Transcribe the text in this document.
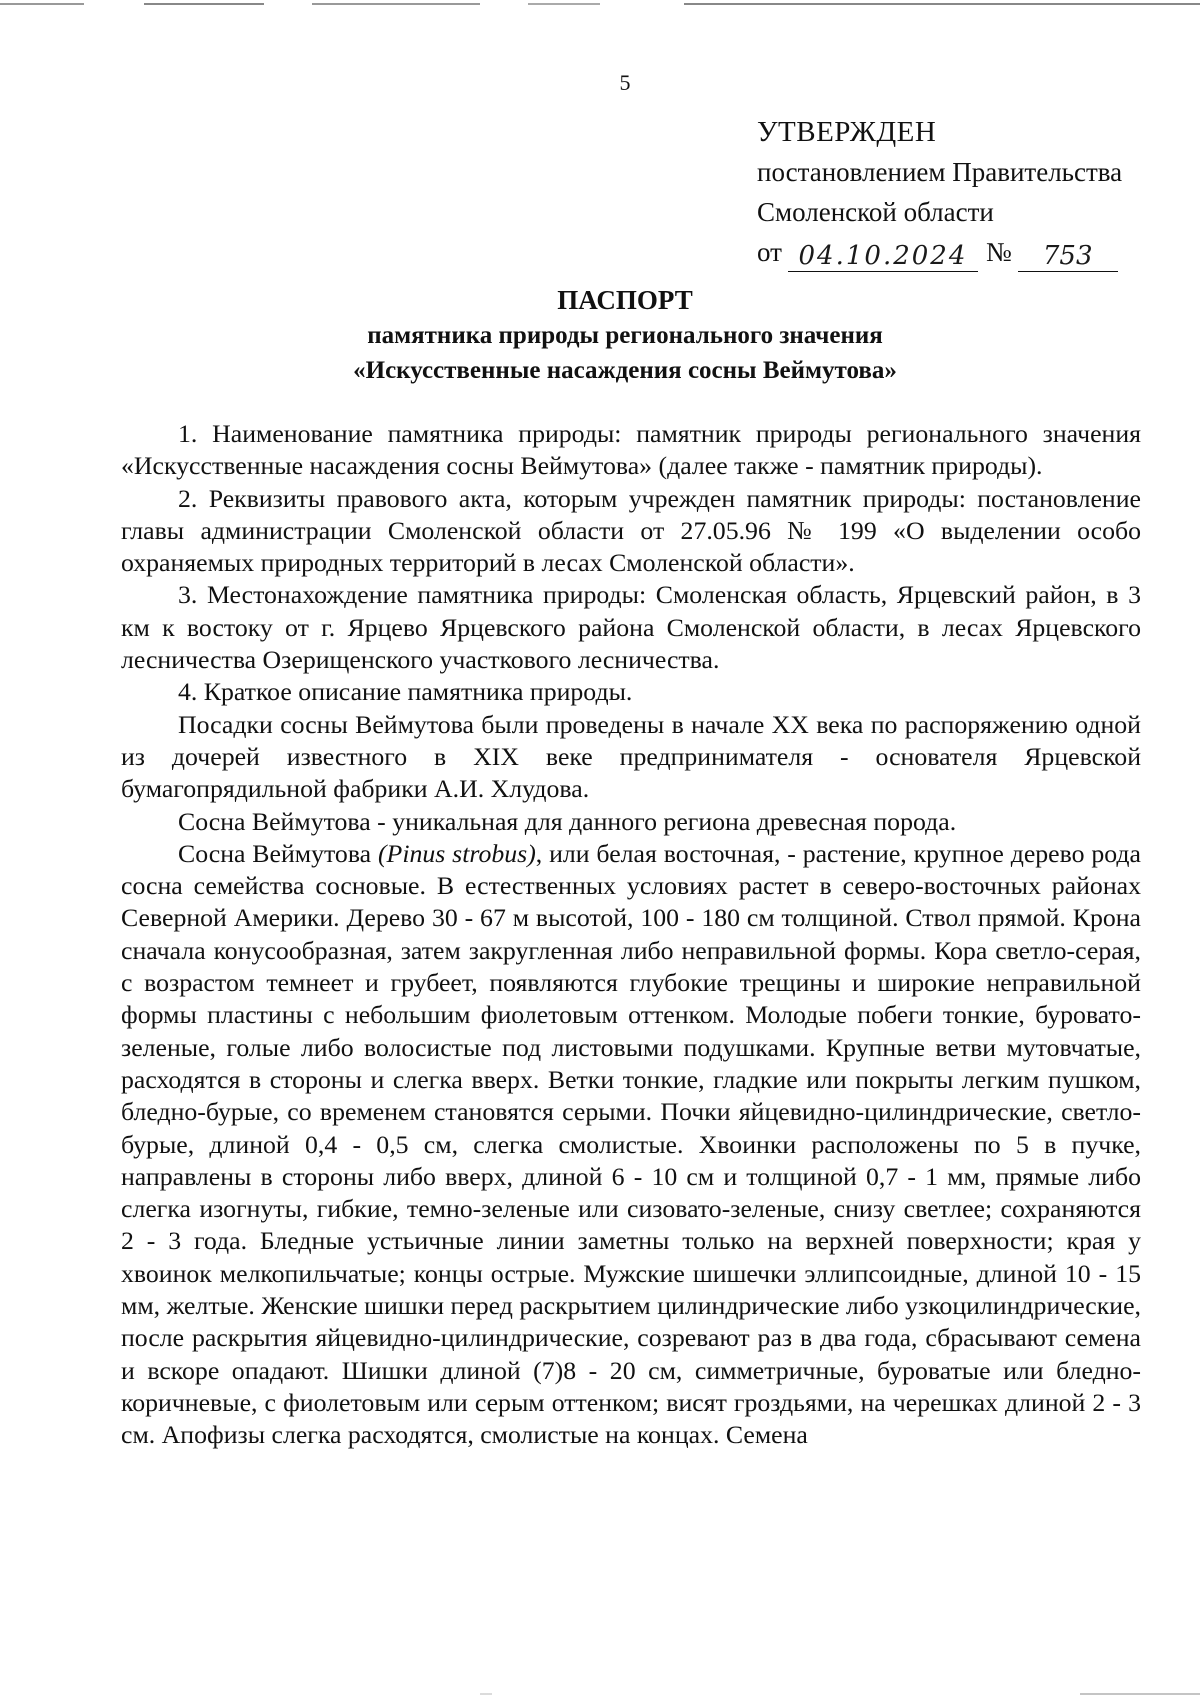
5
УТВЕРЖДЕН
постановлением Правительства
Смоленской области
от 04.10.2024 №	753
ПАСПОРТ
памятника природы регионального значения
«Искусственные насаждения сосны Веймутова»

1. Наименование памятника природы: памятник природы регионального значения «Искусственные насаждения сосны Веймутова» (далее также - памятник природы).

2. Реквизиты правового акта, которым учрежден памятник природы: постановление главы администрации Смоленской области от 27.05.96 № 199 «О выделении особо охраняемых природных территорий в лесах Смоленской области».

3. Местонахождение памятника природы: Смоленская область, Ярцевский район, в 3 км к востоку от г. Ярцево Ярцевского района Смоленской области, в лесах Ярцевского лесничества Озерищенского участкового лесничества.

4. Краткое описание памятника природы.

Посадки сосны Веймутова были проведены в начале XX века по распоряжению одной из дочерей известного в XIX веке предпринимателя - основателя Ярцевской бумагопрядильной фабрики А.И. Хлудова.

Сосна Веймутова - уникальная для данного региона древесная порода.

Сосна Веймутова (Pinus strobus), или белая восточная, - растение, крупное дерево рода сосна семейства сосновые. В естественных условиях растет в северо-восточных районах Северной Америки. Дерево 30 - 67 м высотой, 100 - 180 см толщиной. Ствол прямой. Крона сначала конусообразная, затем закругленная либо неправильной формы. Кора светло-серая, с возрастом темнеет и грубеет, появляются глубокие трещины и широкие неправильной формы пластины с небольшим фиолетовым оттенком. Молодые побеги тонкие, буровато-зеленые, голые либо волосистые под листовыми подушками. Крупные ветви мутовчатые, расходятся в стороны и слегка вверх. Ветки тонкие, гладкие или покрыты легким пушком, бледно-бурые, со временем становятся серыми. Почки яйцевидно-цилиндрические, светло-бурые, длиной 0,4 - 0,5 см, слегка смолистые. Хвоинки расположены по 5 в пучке, направлены в стороны либо вверх, длиной 6 - 10 см и толщиной 0,7 - 1 мм, прямые либо слегка изогнуты, гибкие, темно-зеленые или сизовато-зеленые, снизу светлее; сохраняются 2 - 3 года. Бледные устьичные линии заметны только на верхней поверхности; края у хвоинок мелкопильчатые; концы острые. Мужские шишечки эллипсоидные, длиной 10 - 15 мм, желтые. Женские шишки перед раскрытием цилиндрические либо узкоцилиндрические, после раскрытия яйцевидно-цилиндрические, созревают раз в два года, сбрасывают семена и вскоре опадают. Шишки длиной (7)8 - 20 см, симметричные, буроватые или бледно-коричневые, с фиолетовым или серым оттенком; висят гроздьями, на черешках длиной 2 - 3 см. Апофизы слегка расходятся, смолистые на концах. Семена
